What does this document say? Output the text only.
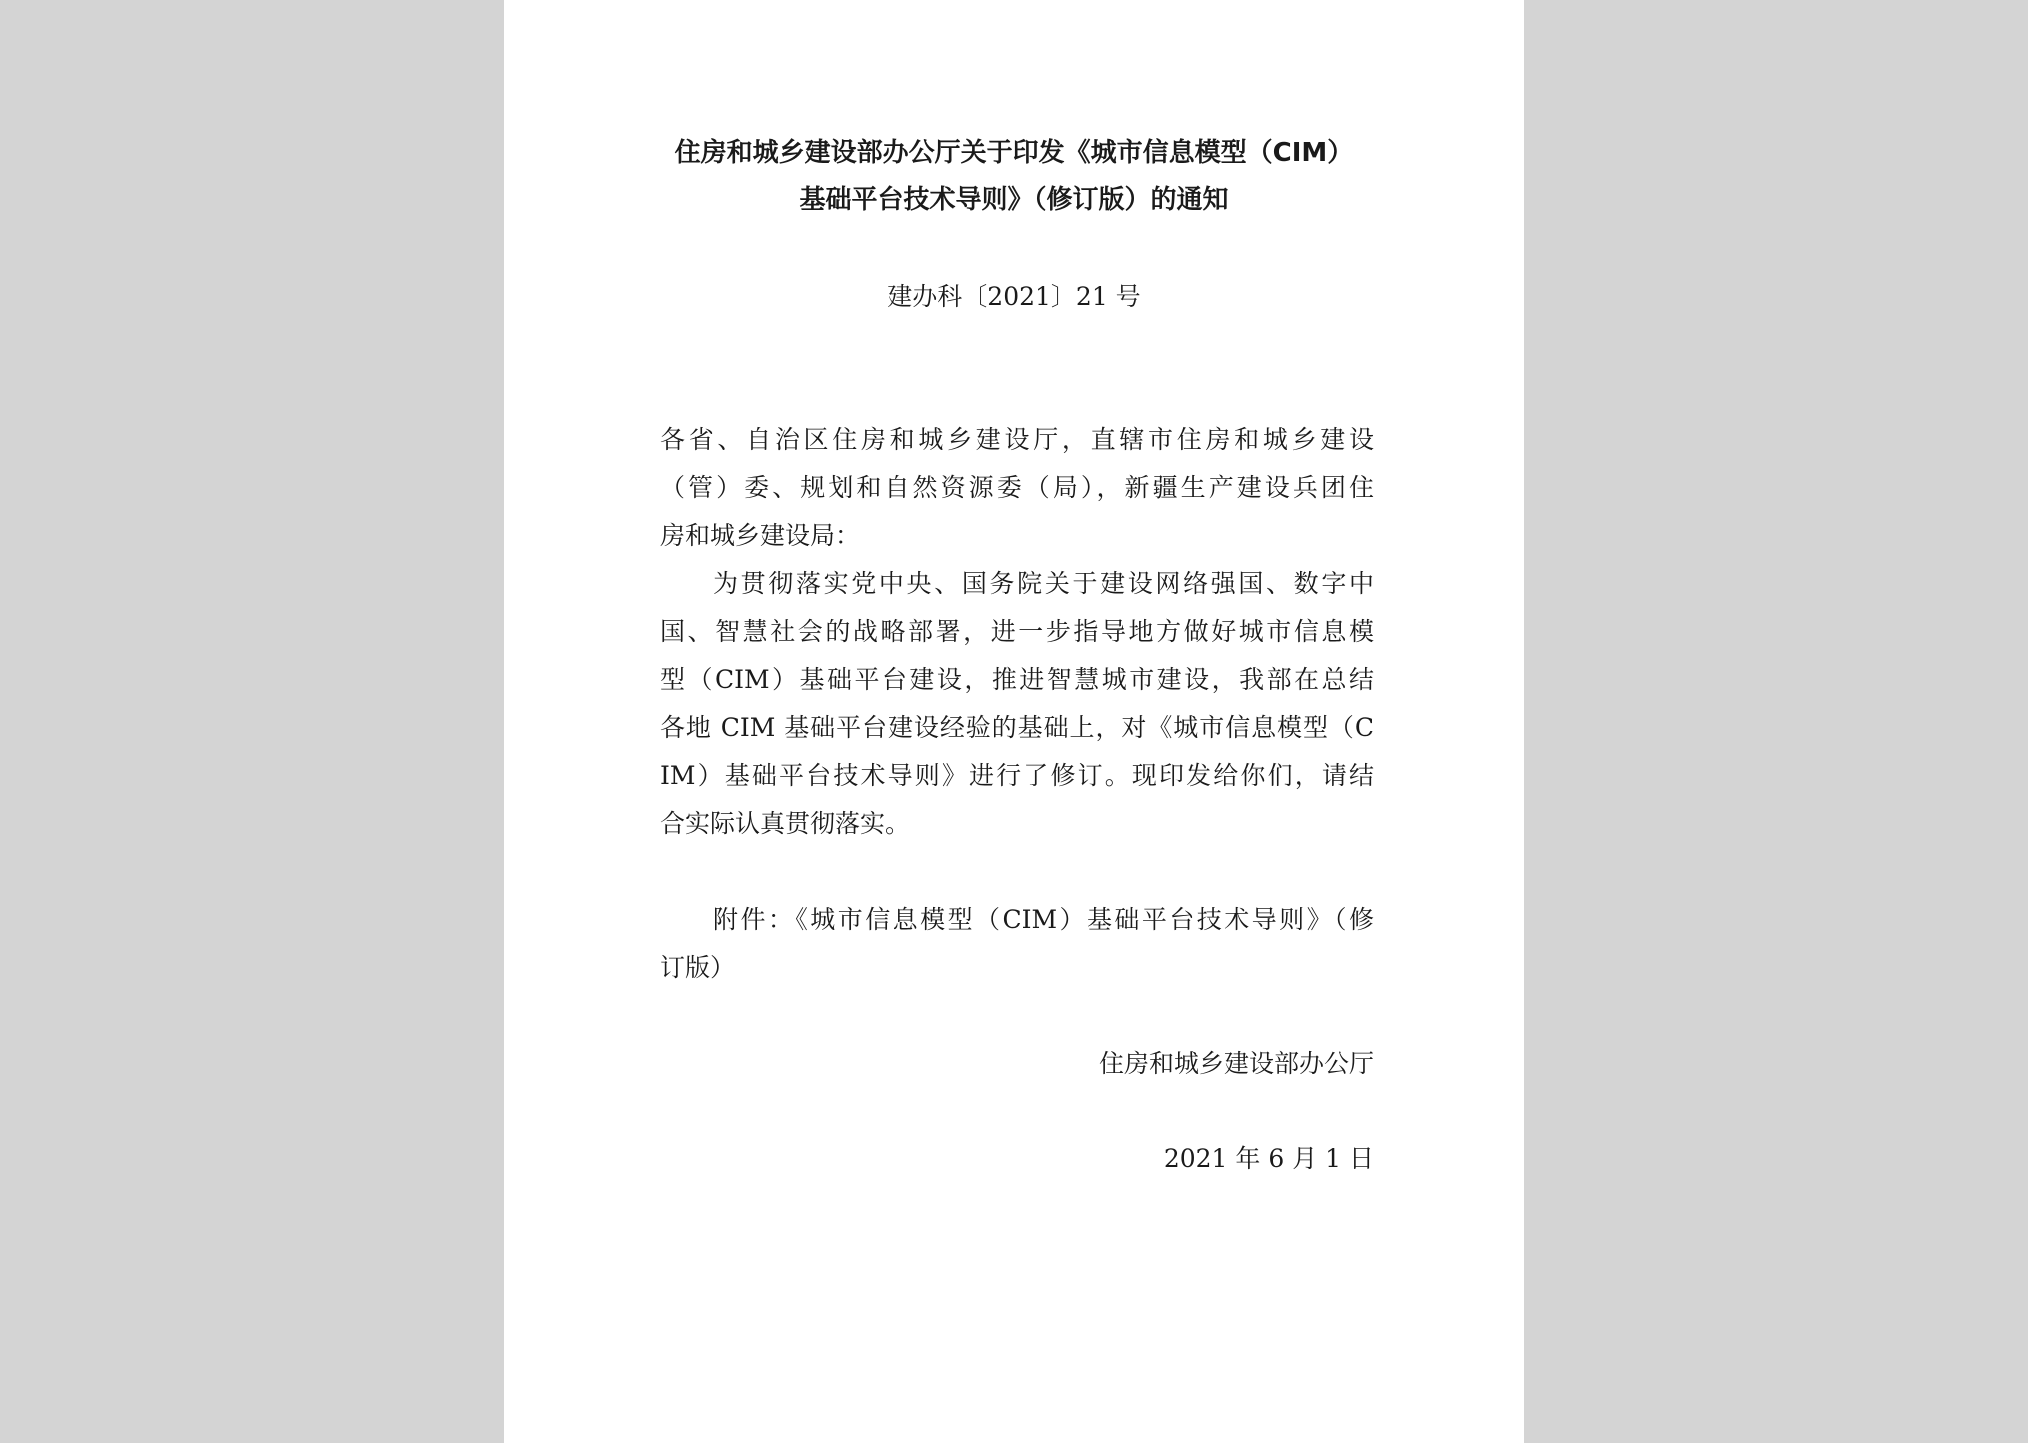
住房和城乡建设部办公厅关于印发《城市信息模型（CIM）
基础平台技术导则》（修订版）的通知
建办科〔2021〕21 号
各省、自治区住房和城乡建设厅，直辖市住房和城乡建设
（管）委、规划和自然资源委（局），新疆生产建设兵团住
房和城乡建设局：
为贯彻落实党中央、国务院关于建设网络强国、数字中
国、智慧社会的战略部署，进一步指导地方做好城市信息模
型（CIM）基础平台建设，推进智慧城市建设，我部在总结
各地 CIM 基础平台建设经验的基础上，对《城市信息模型（C
IM）基础平台技术导则》进行了修订。现印发给你们，请结
合实际认真贯彻落实。
附件：《城市信息模型（CIM）基础平台技术导则》（修
订版）
住房和城乡建设部办公厅
2021 年 6 月 1 日
